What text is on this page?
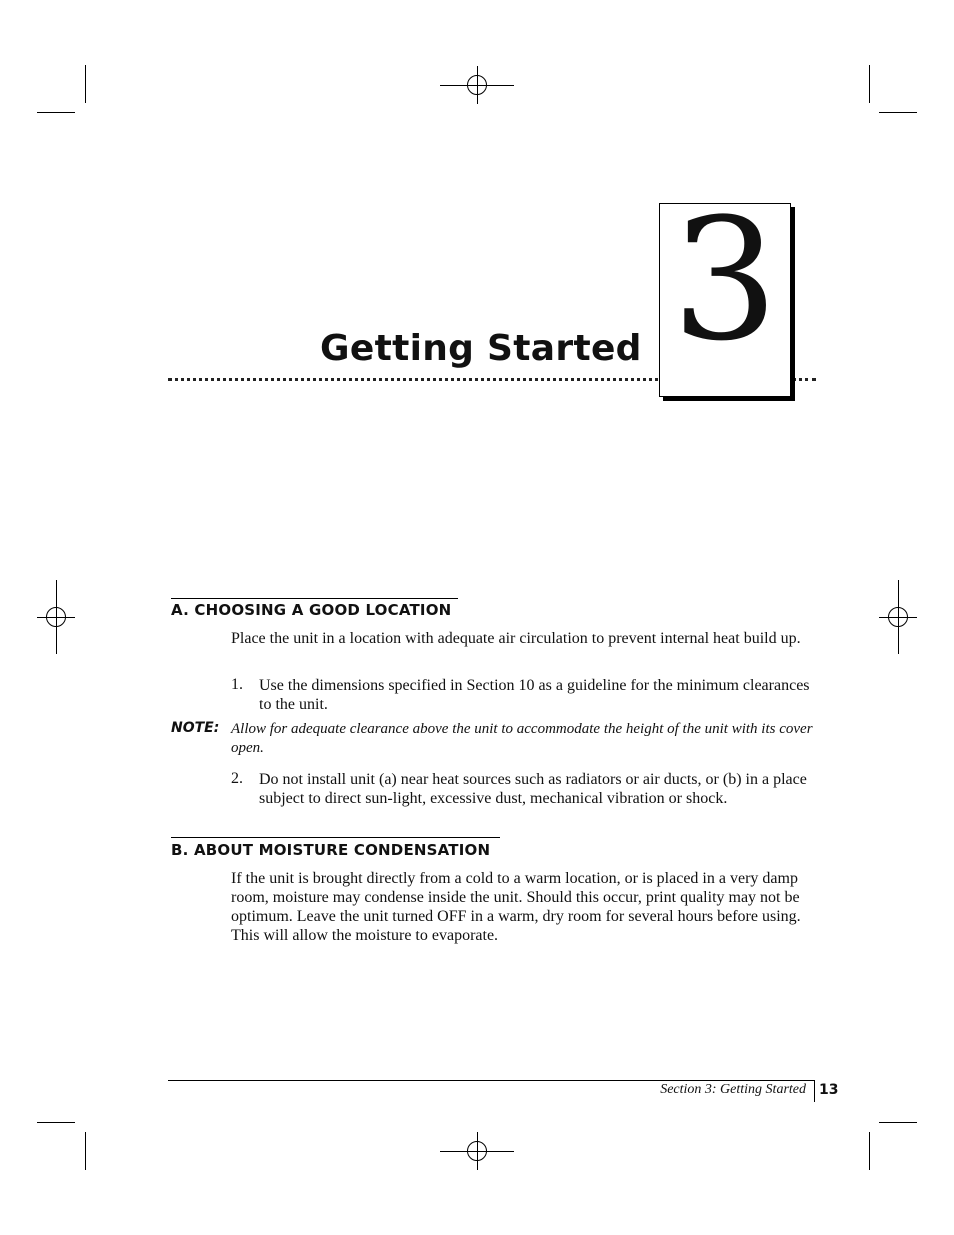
Getting Started 3
A. CHOOSING A GOOD LOCATION
Place the unit in a location with adequate air circulation to prevent internal heat build up.
1. Use the dimensions specified in Section 10 as a guideline for the minimum clearances to the unit.
NOTE: Allow for adequate clearance above the unit to accommodate the height of the unit with its cover open.
2. Do not install unit (a) near heat sources such as radiators or air ducts, or (b) in a place subject to direct sun-light, excessive dust, mechanical vibration or shock.
B. ABOUT MOISTURE CONDENSATION
If the unit is brought directly from a cold to a warm location, or is placed in a very damp room, moisture may condense inside the unit. Should this occur, print quality may not be optimum. Leave the unit turned OFF in a warm, dry room for several hours before using. This will allow the moisture to evaporate.
Section 3: Getting Started 13
